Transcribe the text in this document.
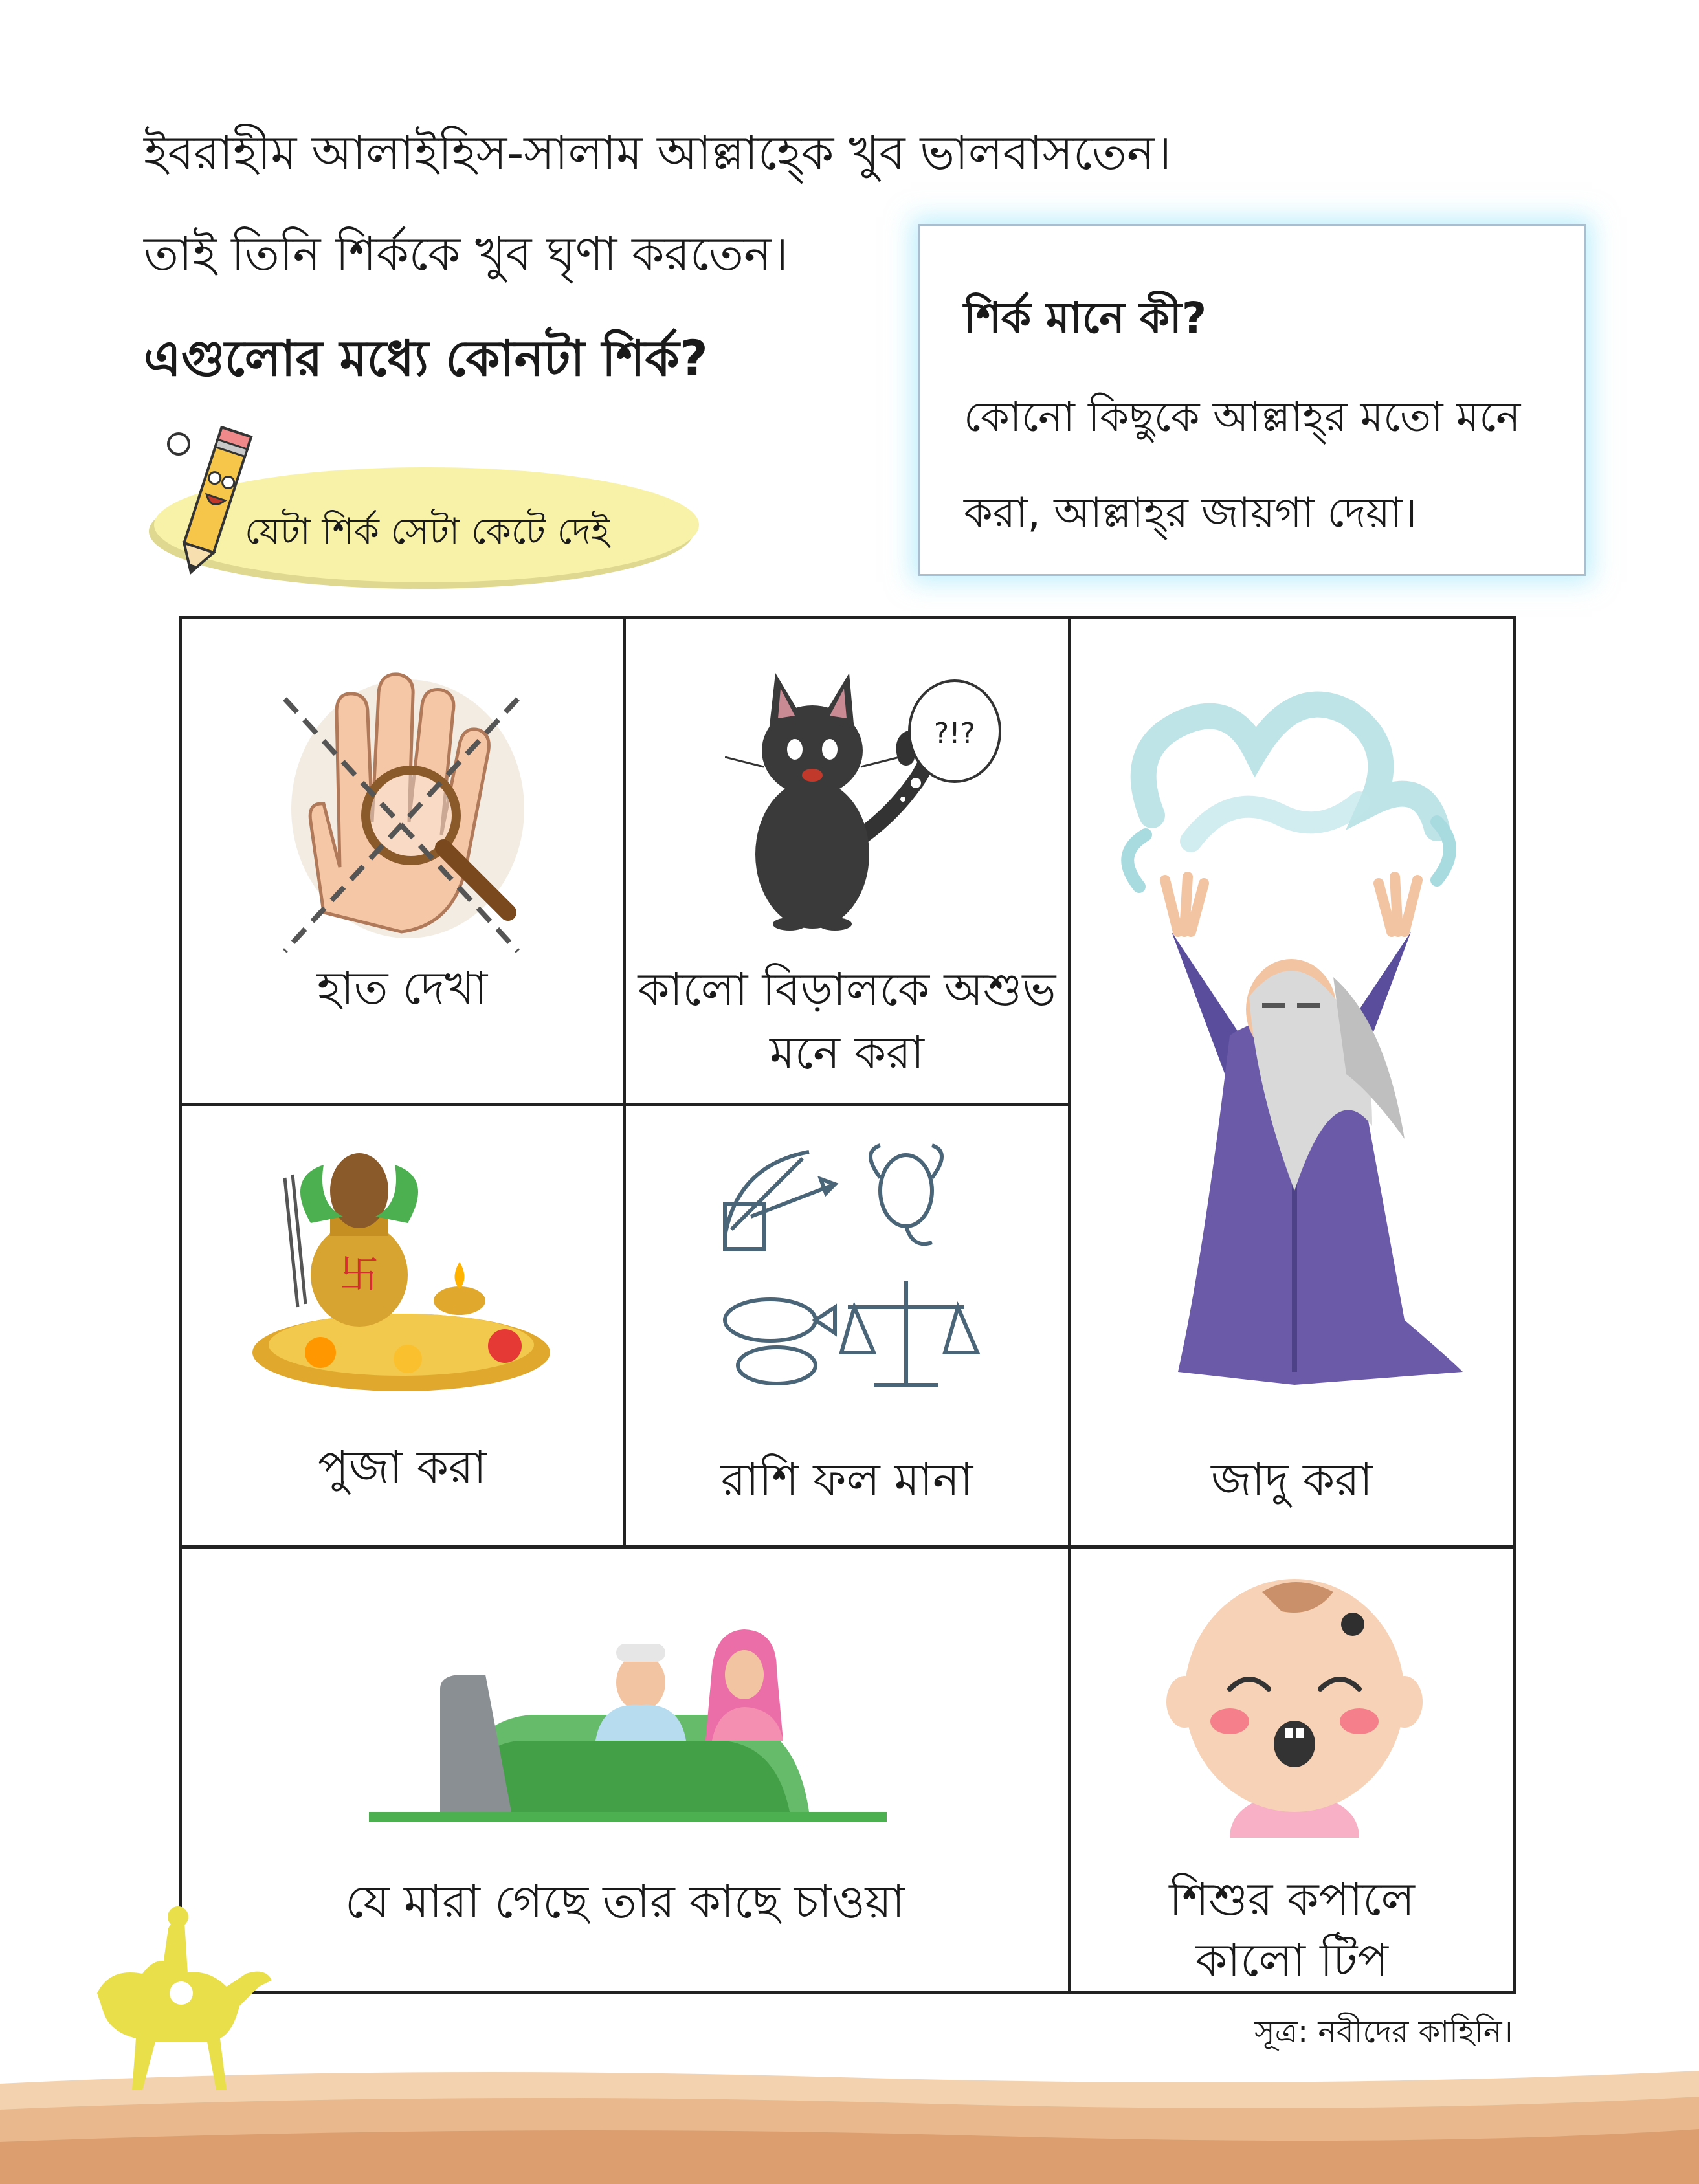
ইবরাহীম আলাইহিস-সালাম আল্লাহ্কে খুব ভালবাসতেন।
তাই তিনি শির্ককে খুব ঘৃণা করতেন।
এগুলোর মধ্যে কোনটা শির্ক?
যেটা শির্ক সেটা কেটে দেই
শির্ক মানে কী?
কোনো কিছুকে আল্লাহ্‌র মতো মনে করা, আল্লাহ্‌র জায়গা দেয়া।
হাত দেখা
?!?
কালো বিড়ালকে অশুভ
মনে করা
জাদু করা
卐
পুজা করা	রাশি ফল মানা
যে মারা গেছে তার কাছে চাওয়া	শিশুর কপালে
কালো টিপ
সূত্র: নবীদের কাহিনি।
